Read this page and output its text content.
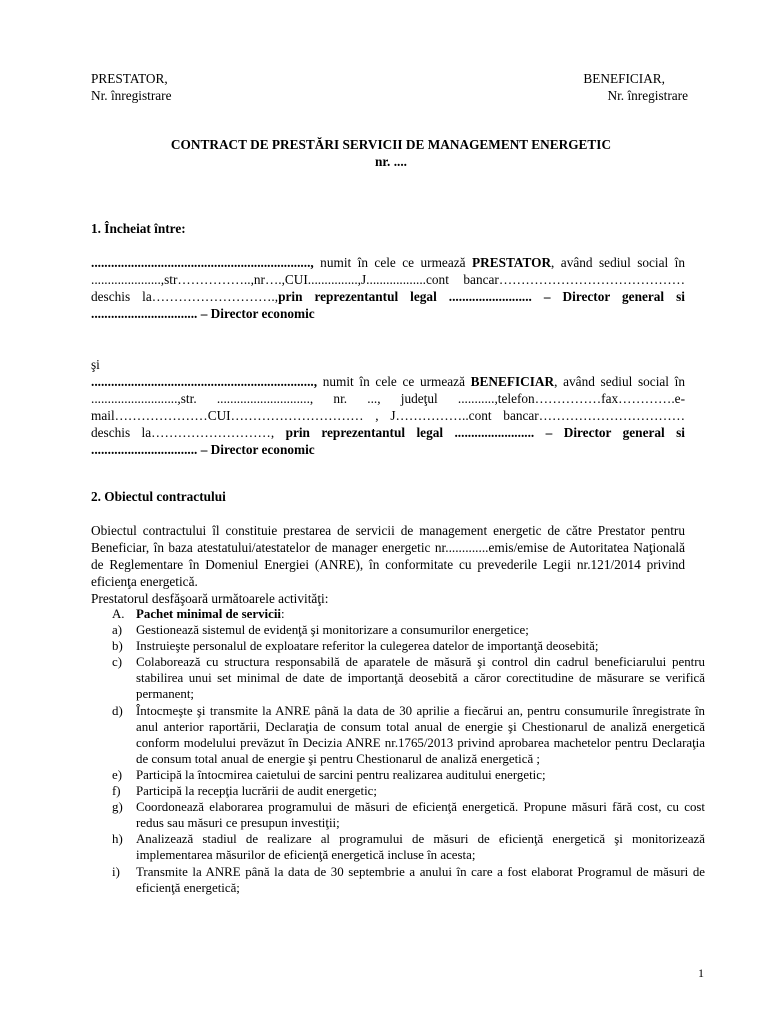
PRESTATOR,
Nr. înregistrare
BENEFICIAR,
Nr. înregistrare
CONTRACT DE PRESTĂRI SERVICII DE MANAGEMENT ENERGETIC
nr. ....
1. Încheiat între:
.................................................................., numit în cele ce urmează PRESTATOR, având sediul social în .....................,str……………..,nr….,CUI...............,J..................cont bancar……………………………………deschis la……………………….,prin reprezentantul legal ......................... – Director general si ................................ – Director economic
şi
..................................................................., numit în cele ce urmează BENEFICIAR, având sediul social în ..........................,str. ............................, nr. ..., judeţul ...........,telefon……………fax………….e-mail…………………CUI………………………… , J……………..cont bancar……………………………deschis la………………………, prin reprezentantul legal ........................ – Director general si ................................ – Director economic
2. Obiectul contractului
Obiectul contractului îl constituie prestarea de servicii de management energetic de către Prestator pentru Beneficiar, în baza atestatului/atestatelor de manager energetic nr.............emis/emise de Autoritatea Naţională de Reglementare în Domeniul Energiei (ANRE), în conformitate cu prevederile Legii nr.121/2014 privind eficienţa energetică.
Prestatorul desfăşoară următoarele activităţi:
A. Pachet minimal de servicii:
a)	Gestionează sistemul de evidenţă şi monitorizare a consumurilor energetice;
b)	Instruieşte personalul de exploatare referitor la culegerea datelor de importanţă deosebită;
c)	Colaborează cu structura responsabilă de aparatele de măsură şi control din cadrul beneficiarului pentru stabilirea unui set minimal de date de importanţă deosebită a căror corectitudine de măsurare se verifică permanent;
d)	Întocmeşte şi transmite la ANRE până la data de 30 aprilie a fiecărui an, pentru consumurile înregistrate în anul anterior raportării, Declaraţia de consum total anual de energie şi Chestionarul de analiză energetică conform modelului prevăzut în Decizia ANRE nr.1765/2013 privind aprobarea machetelor pentru Declaraţia de consum total anual de energie şi pentru Chestionarul de analiză energetică ;
e)	Participă la întocmirea caietului de sarcini pentru realizarea auditului energetic;
f)	Participă la recepţia lucrării de audit energetic;
g)	Coordonează elaborarea programului de măsuri de eficienţă energetică. Propune măsuri fără cost, cu cost redus sau măsuri ce presupun investiţii;
h)	Analizează stadiul de realizare al programului de măsuri de eficienţă energetică şi monitorizează implementarea măsurilor de eficienţă energetică incluse în acesta;
i)	Transmite la ANRE până la data de 30 septembrie a anului în care a fost elaborat Programul de măsuri de eficienţă energetică;
1
